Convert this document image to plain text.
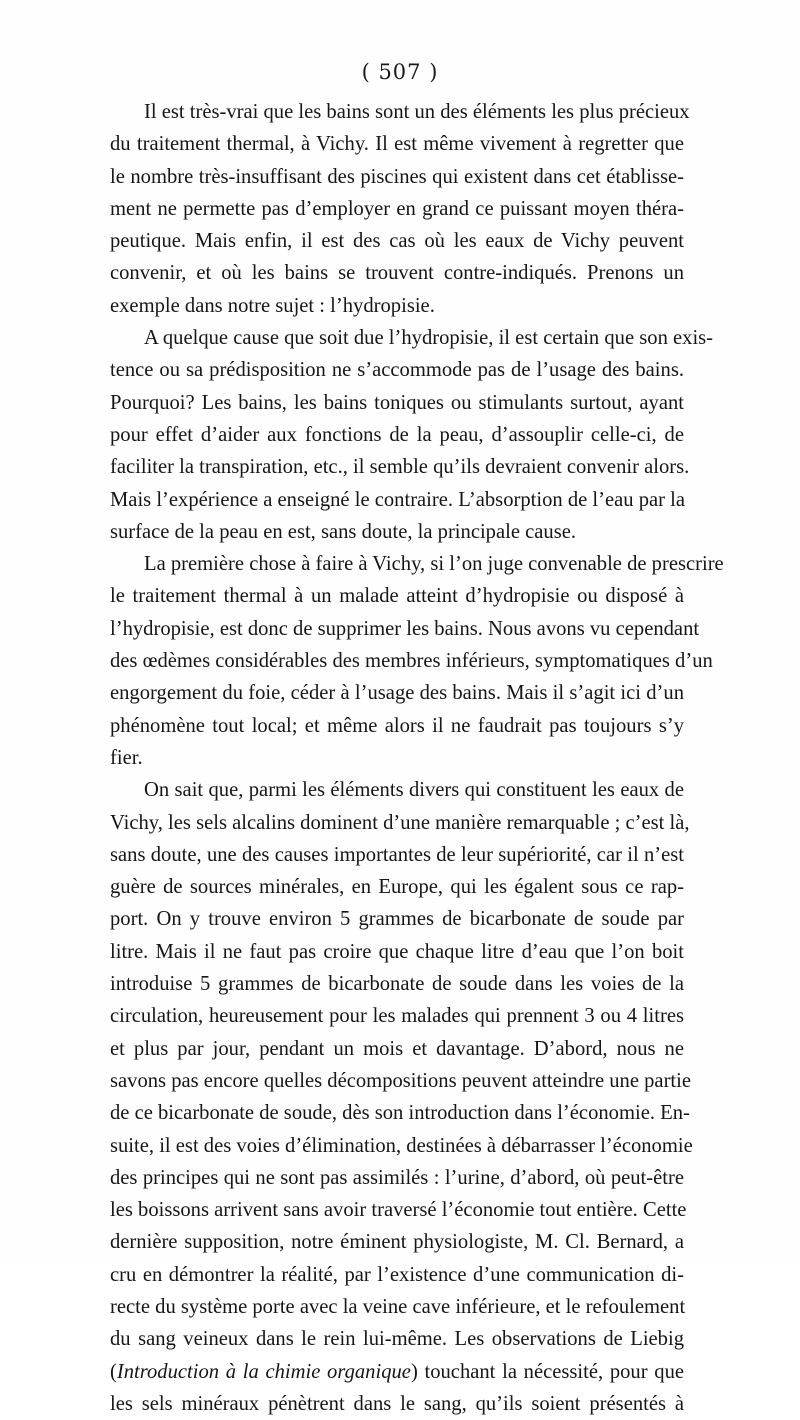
( 507 )
Il est très-vrai que les bains sont un des éléments les plus précieux
du traitement thermal, à Vichy. Il est même vivement à regretter que
le nombre très-insuffisant des piscines qui existent dans cet établisse-
ment ne permette pas d’employer en grand ce puissant moyen théra-
peutique. Mais enfin, il est des cas où les eaux de Vichy peuvent
convenir, et où les bains se trouvent contre-indiqués. Prenons un
exemple dans notre sujet : l’hydropisie.
A quelque cause que soit due l’hydropisie, il est certain que son exis-
tence ou sa prédisposition ne s’accommode pas de l’usage des bains.
Pourquoi? Les bains, les bains toniques ou stimulants surtout, ayant
pour effet d’aider aux fonctions de la peau, d’assouplir celle-ci, de
faciliter la transpiration, etc., il semble qu’ils devraient convenir alors.
Mais l’expérience a enseigné le contraire. L’absorption de l’eau par la
surface de la peau en est, sans doute, la principale cause.
La première chose à faire à Vichy, si l’on juge convenable de prescrire
le traitement thermal à un malade atteint d’hydropisie ou disposé à
l’hydropisie, est donc de supprimer les bains. Nous avons vu cependant
des œdèmes considérables des membres inférieurs, symptomatiques d’un
engorgement du foie, céder à l’usage des bains. Mais il s’agit ici d’un
phénomène tout local; et même alors il ne faudrait pas toujours s’y
fier.
On sait que, parmi les éléments divers qui constituent les eaux de
Vichy, les sels alcalins dominent d’une manière remarquable ; c’est là,
sans doute, une des causes importantes de leur supériorité, car il n’est
guère de sources minérales, en Europe, qui les égalent sous ce rap-
port. On y trouve environ 5 grammes de bicarbonate de soude par
litre. Mais il ne faut pas croire que chaque litre d’eau que l’on boit
introduise 5 grammes de bicarbonate de soude dans les voies de la
circulation, heureusement pour les malades qui prennent 3 ou 4 litres
et plus par jour, pendant un mois et davantage. D’abord, nous ne
savons pas encore quelles décompositions peuvent atteindre une partie
de ce bicarbonate de soude, dès son introduction dans l’économie. En-
suite, il est des voies d’élimination, destinées à débarrasser l’économie
des principes qui ne sont pas assimilés : l’urine, d’abord, où peut-être
les boissons arrivent sans avoir traversé l’économie tout entière. Cette
dernière supposition, notre éminent physiologiste, M. Cl. Bernard, a
cru en démontrer la réalité, par l’existence d’une communication di-
recte du système porte avec la veine cave inférieure, et le refoulement
du sang veineux dans le rein lui-même. Les observations de Liebig
(Introduction à la chimie organique) touchant la nécessité, pour que
les sels minéraux pénètrent dans le sang, qu’ils soient présentés à
